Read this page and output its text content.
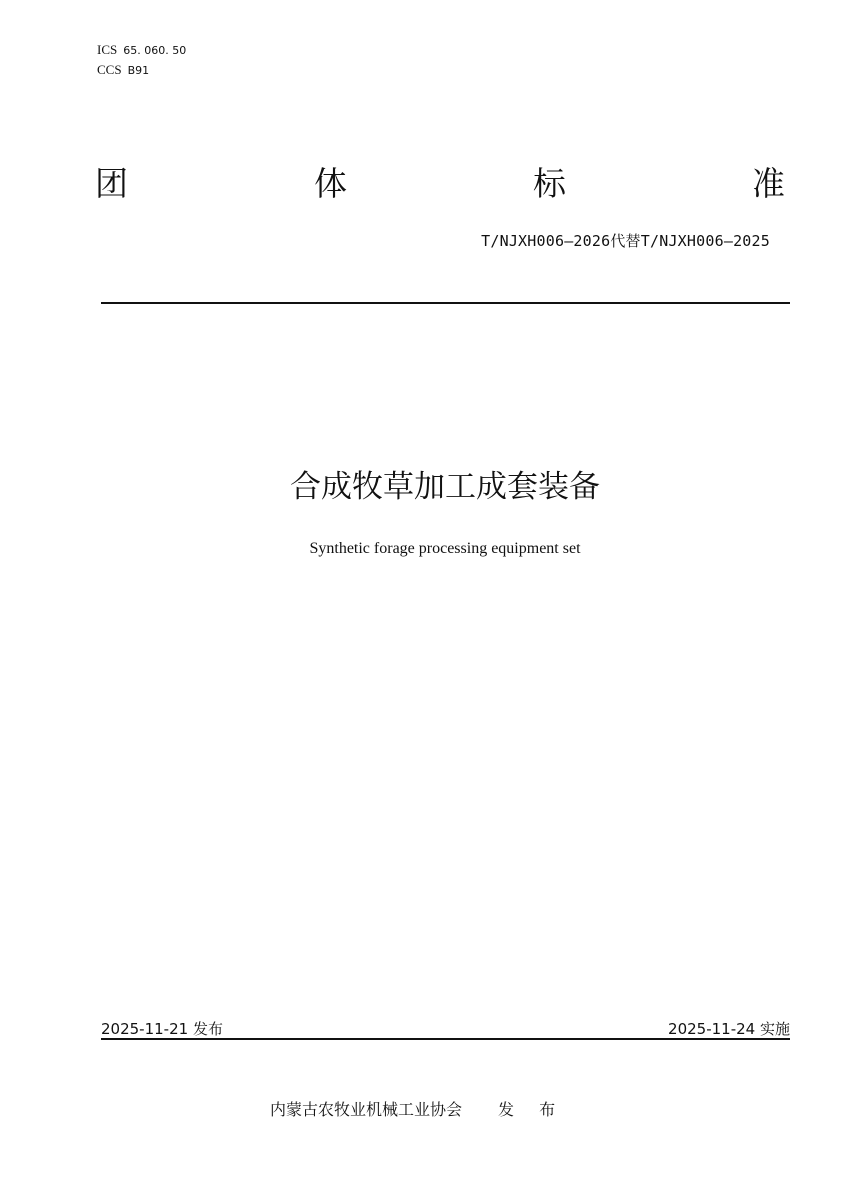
ICS 65. 060. 50
CCS B91
团	体	标	准
T/NJXH006—2026代替T/NJXH006—2025
合成牧草加工成套装备
Synthetic forage processing equipment set
2025-11-21 发布	2025-11-24 实施
内蒙古农牧业机械工业协会 发 布
